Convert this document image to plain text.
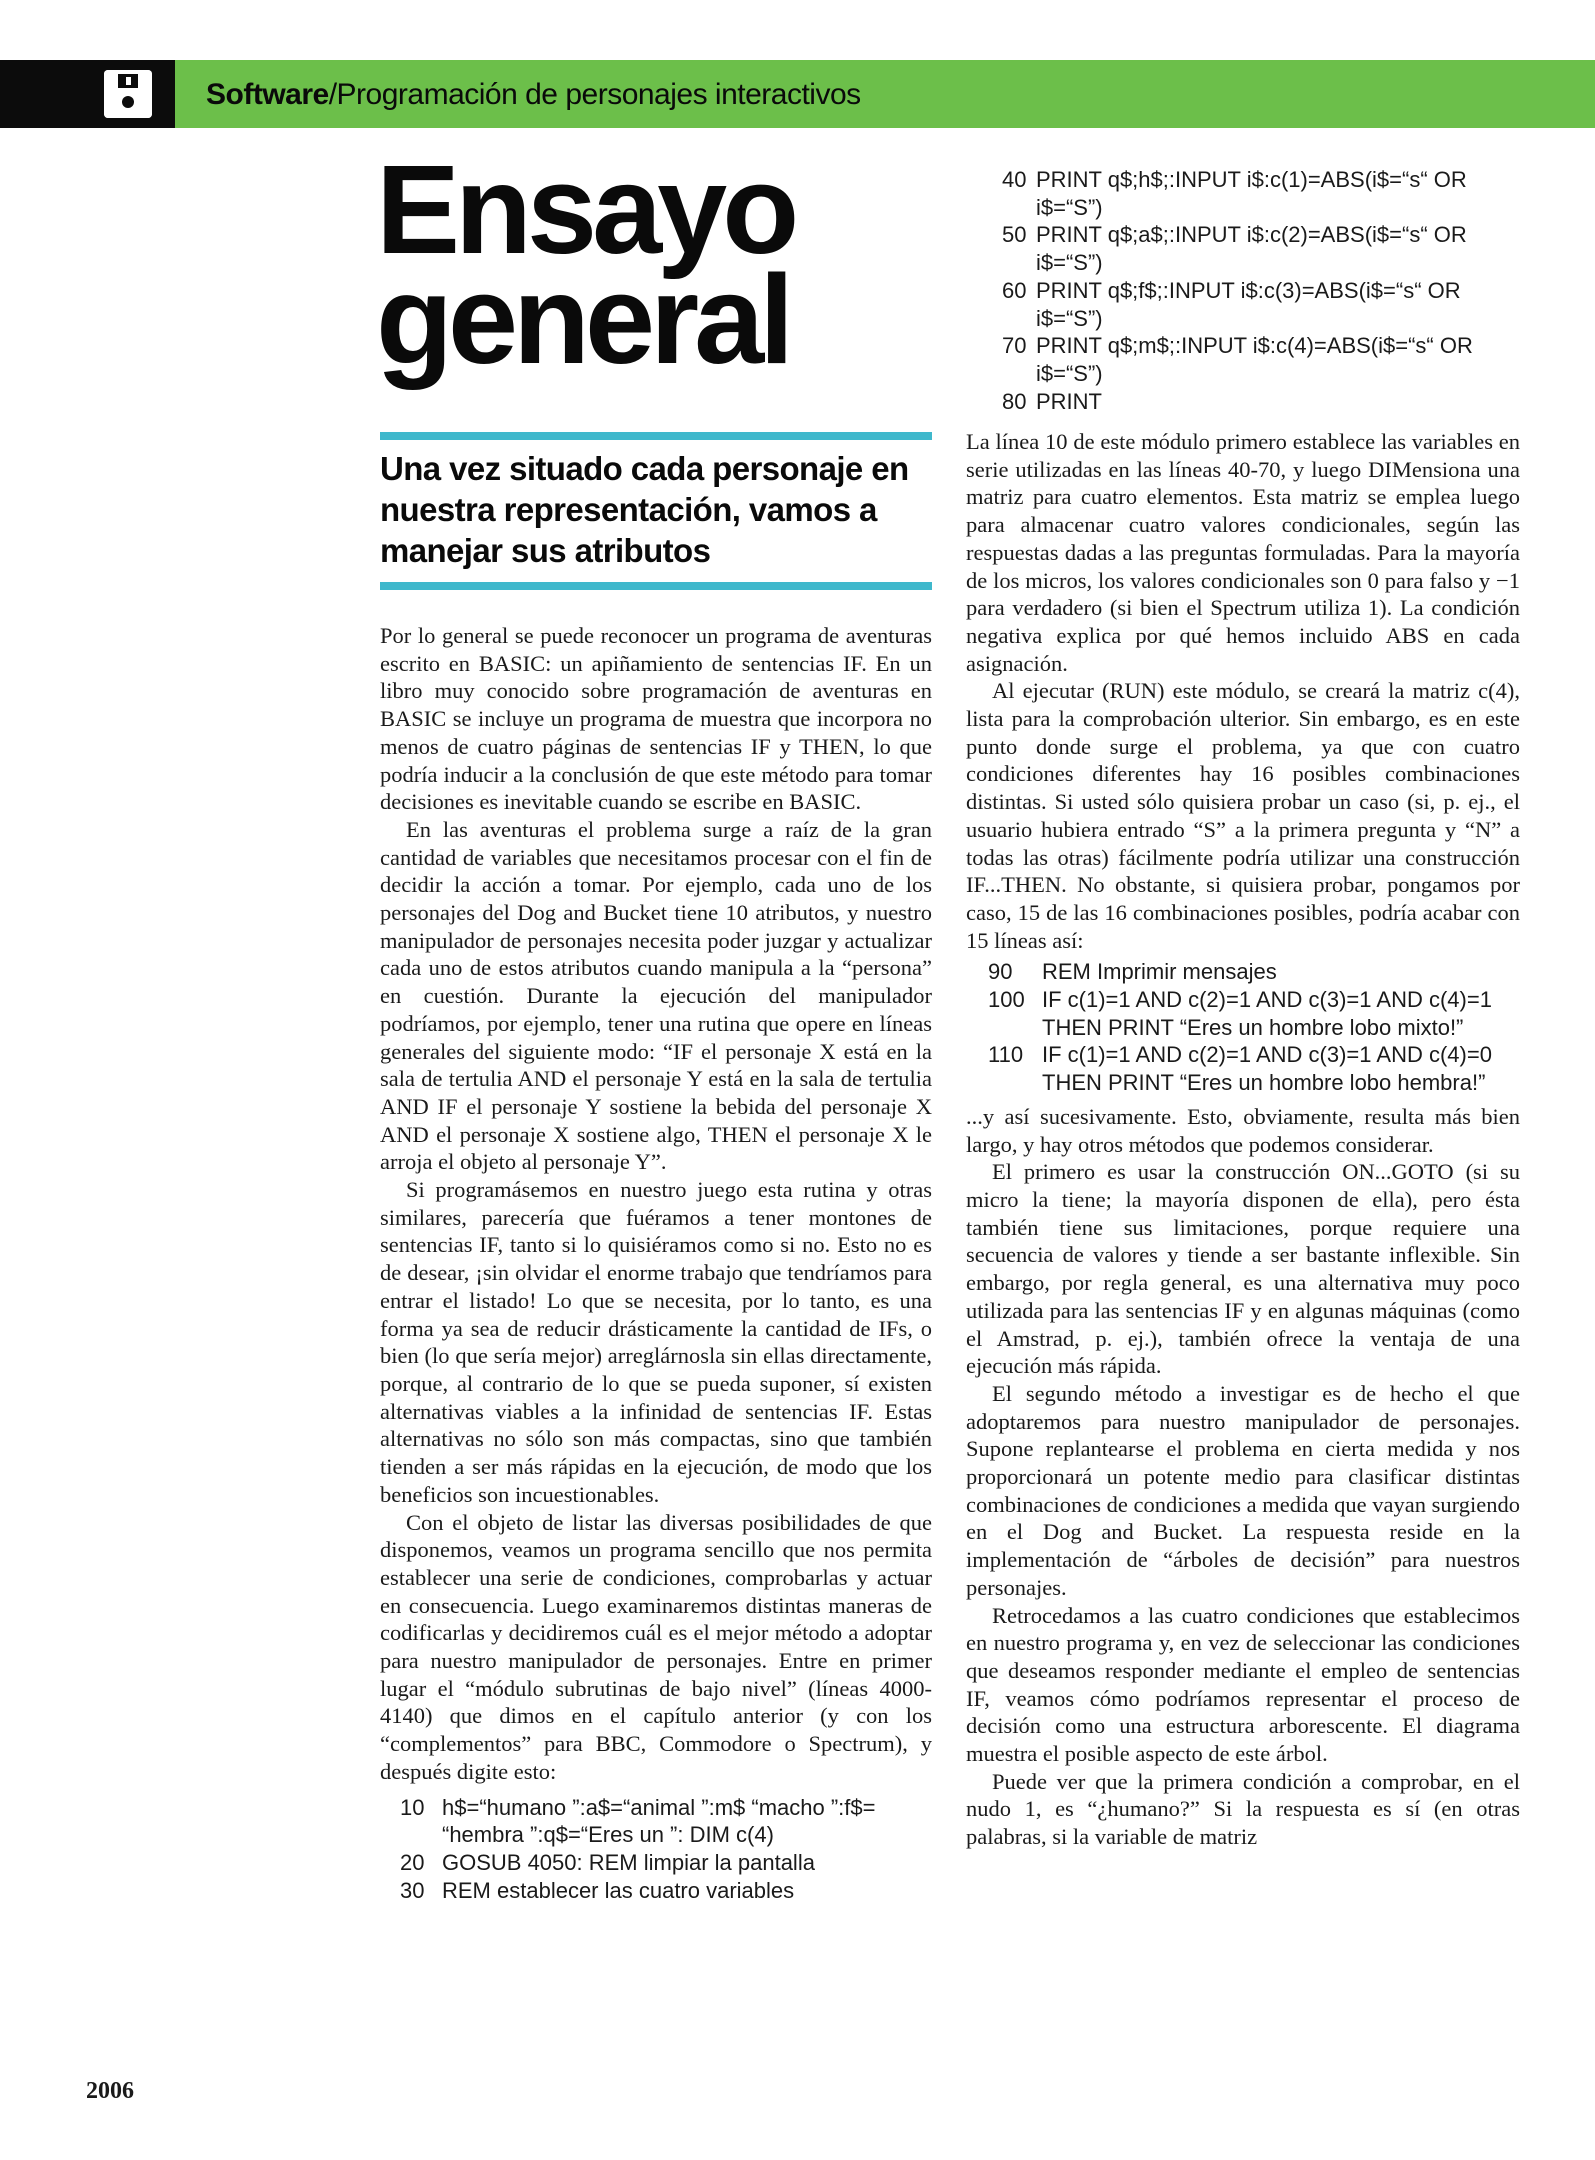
Software/Programación de personajes interactivos
Ensayo
general
Una vez situado cada personaje en nuestra representación, vamos a manejar sus atributos

Por lo general se puede reconocer un programa de aventuras escrito en BASIC: un apiñamiento de sentencias IF. En un libro muy conocido sobre programación de aventuras en BASIC se incluye un programa de muestra que incorpora no menos de cuatro páginas de sentencias IF y THEN, lo que podría inducir a la conclusión de que este método para tomar decisiones es inevitable cuando se escribe en BASIC.

En las aventuras el problema surge a raíz de la gran cantidad de variables que necesitamos procesar con el fin de decidir la acción a tomar. Por ejemplo, cada uno de los personajes del Dog and Bucket tiene 10 atributos, y nuestro manipulador de personajes necesita poder juzgar y actualizar cada uno de estos atributos cuando manipula a la “persona” en cuestión. Durante la ejecución del manipulador podríamos, por ejemplo, tener una rutina que opere en líneas generales del siguiente modo: “IF el personaje X está en la sala de tertulia AND el personaje Y está en la sala de tertulia AND IF el personaje Y sostiene la bebida del personaje X AND el personaje X sostiene algo, THEN el personaje X le arroja el objeto al personaje Y”.

Si programásemos en nuestro juego esta rutina y otras similares, parecería que fuéramos a tener montones de sentencias IF, tanto si lo quisiéramos como si no. Esto no es de desear, ¡sin olvidar el enorme trabajo que tendríamos para entrar el listado! Lo que se necesita, por lo tanto, es una forma ya sea de reducir drásticamente la cantidad de IFs, o bien (lo que sería mejor) arreglárnosla sin ellas directamente, porque, al contrario de lo que se pueda suponer, sí existen alternativas viables a la infinidad de sentencias IF. Estas alternativas no sólo son más compactas, sino que también tienden a ser más rápidas en la ejecución, de modo que los beneficios son incuestionables.

Con el objeto de listar las diversas posibilidades de que disponemos, veamos un programa sencillo que nos permita establecer una serie de condiciones, comprobarlas y actuar en consecuencia. Luego examinaremos distintas maneras de codificarlas y decidiremos cuál es el mejor método a adoptar para nuestro manipulador de personajes. Entre en primer lugar el “módulo subrutinas de bajo nivel” (líneas 4000-4140) que dimos en el capítulo anterior (y con los “complementos” para BBC, Commodore o Spectrum), y después digite esto:

10 h$=“humano ”:a$=“animal ”:m$ “macho ”:f$= “hembra ”:q$=“Eres un ”: DIM c(4)
20 GOSUB 4050: REM limpiar la pantalla
30 REM establecer las cuatro variables
40 PRINT q$;h$;:INPUT i$:c(1)=ABS(i$=“s“ OR i$=“S”)
50 PRINT q$;a$;:INPUT i$:c(2)=ABS(i$=“s“ OR i$=“S”)
60 PRINT q$;f$;:INPUT i$:c(3)=ABS(i$=“s“ OR i$=“S”)
70 PRINT q$;m$;:INPUT i$:c(4)=ABS(i$=“s“ OR i$=“S”)
80 PRINT

La línea 10 de este módulo primero establece las variables en serie utilizadas en las líneas 40-70, y luego DIMensiona una matriz para cuatro elementos. Esta matriz se emplea luego para almacenar cuatro valores condicionales, según las respuestas dadas a las preguntas formuladas. Para la mayoría de los micros, los valores condicionales son 0 para falso y −1 para verdadero (si bien el Spectrum utiliza 1). La condición negativa explica por qué hemos incluido ABS en cada asignación.

Al ejecutar (RUN) este módulo, se creará la matriz c(4), lista para la comprobación ulterior. Sin embargo, es en este punto donde surge el problema, ya que con cuatro condiciones diferentes hay 16 posibles combinaciones distintas. Si usted sólo quisiera probar un caso (si, p. ej., el usuario hubiera entrado “S” a la primera pregunta y “N” a todas las otras) fácilmente podría utilizar una construcción IF...THEN. No obstante, si quisiera probar, pongamos por caso, 15 de las 16 combinaciones posibles, podría acabar con 15 líneas así:

90	REM Imprimir mensajes
100 IF c(1)=1 AND c(2)=1 AND c(3)=1 AND c(4)=1 THEN PRINT “Eres un hombre lobo mixto!”
110 IF c(1)=1 AND c(2)=1 AND c(3)=1 AND c(4)=0 THEN PRINT “Eres un hombre lobo hembra!”

...y así sucesivamente. Esto, obviamente, resulta más bien largo, y hay otros métodos que podemos considerar.

El primero es usar la construcción ON...GOTO (si su micro la tiene; la mayoría disponen de ella), pero ésta también tiene sus limitaciones, porque requiere una secuencia de valores y tiende a ser bastante inflexible. Sin embargo, por regla general, es una alternativa muy poco utilizada para las sentencias IF y en algunas máquinas (como el Amstrad, p. ej.), también ofrece la ventaja de una ejecución más rápida.

El segundo método a investigar es de hecho el que adoptaremos para nuestro manipulador de personajes. Supone replantearse el problema en cierta medida y nos proporcionará un potente medio para clasificar distintas combinaciones de condiciones a medida que vayan surgiendo en el Dog and Bucket. La respuesta reside en la implementación de “árboles de decisión” para nuestros personajes.

Retrocedamos a las cuatro condiciones que establecimos en nuestro programa y, en vez de seleccionar las condiciones que deseamos responder mediante el empleo de sentencias IF, veamos cómo podríamos representar el proceso de decisión como una estructura arborescente. El diagrama muestra el posible aspecto de este árbol.

Puede ver que la primera condición a comprobar, en el nudo 1, es “¿humano?” Si la respuesta es sí (en otras palabras, si la variable de matriz

2006
